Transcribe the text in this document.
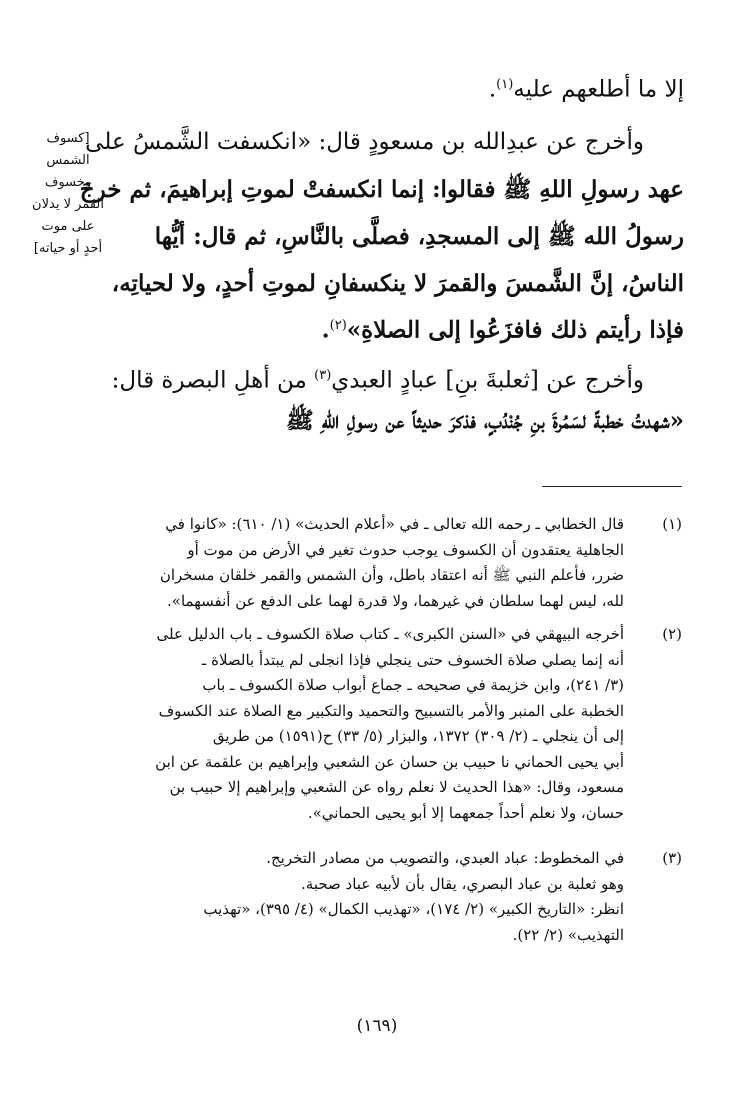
إلا ما أطلعهم عليه$^{(١)}$.

وأخرج عن عبدِالله بن مسعودٍ قال: «انكسفت الشَّمسُ على

عهد رسولِ اللهِ ﷺ فقالوا: إنما انكسفتْ لموتِ إبراهيمَ، ثم خرجَ

رسولُ الله ﷺ إلى المسجدِ، فصلَّى بالنَّاسِ، ثم قال: أيُّها

الناسُ، إنَّ الشَّمسَ والقمرَ لا ينكسفانِ لموتِ أحدٍ، ولا لحياتِه،

فإذا رأيتم ذلك فافزَعُوا إلى الصلاةِ»$^{(٢)}$.

وأخرج عن [ثعلبةَ بنِ] عبادٍ العبدي$^{(٣)}$ من أهلِ البصرة قال:

«شهدتُ خطبةً لسَمُرةَ بنِ جُنْدُبٍ، فذكرَ حديثاً عن رسولِ اللهِ ﷺ

[كسوف
الشمس
وخسوف
القمر لا يدلان
على موت
أحدٍ أو حياته]
(١)
قال الخطابي ـ رحمه الله تعالى ـ في «أعلام الحديث» (١/ ٦١٠): «كانوا في
الجاهلية يعتقدون أن الكسوف يوجب حدوث تغير في الأرض من موت أو
ضرر، فأعلم النبي ﷺ أنه اعتقاد باطل، وأن الشمس والقمر خلقان مسخران
لله، ليس لهما سلطان في غيرهما، ولا قدرة لهما على الدفع عن أنفسهما».
(٢)
أخرجه البيهقي في «السنن الكبرى» ـ كتاب صلاة الكسوف ـ باب الدليل على
أنه إنما يصلي صلاة الخسوف حتى ينجلي فإذا انجلى لم يبتدأ بالصلاة ـ
(٣/ ٢٤١)، وابن خزيمة في صحيحه ـ جماع أبواب صلاة الكسوف ـ باب
الخطبة على المنبر والأمر بالتسبيح والتحميد والتكبير مع الصلاة عند الكسوف
إلى أن ينجلي ـ (٢/ ٣٠٩) ١٣٧٢، والبزار (٥/ ٣٣) ح(١٥٩١) من طريق
أبي يحيى الحماني نا حبيب بن حسان عن الشعبي وإبراهيم بن علقمة عن ابن
مسعود، وقال: «هذا الحديث لا نعلم رواه عن الشعبي وإبراهيم إلا حبيب بن
حسان، ولا نعلم أحداً جمعهما إلا أبو يحيى الحماني».
(٣)
في المخطوط: عباد العبدي، والتصويب من مصادر التخريج.
وهو ثعلبة بن عباد البصري، يقال بأن لأبيه عباد صحبة.
انظر: «التاريخ الكبير» (٢/ ١٧٤)، «تهذيب الكمال» (٤/ ٣٩٥)، «تهذيب
التهذيب» (٢/ ٢٢).
(١٦٩)
